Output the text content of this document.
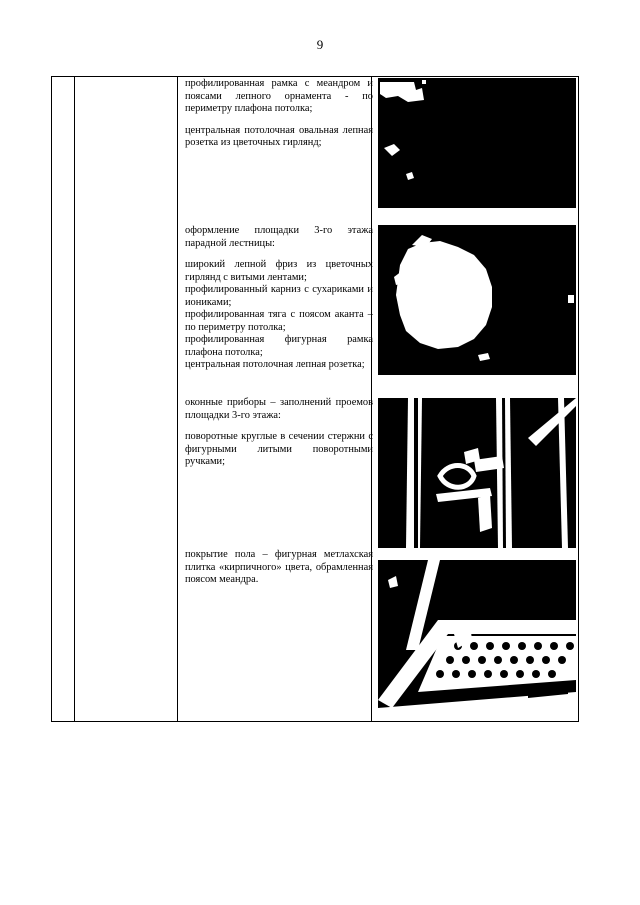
9

профилированная рамка с меандром и поясами лепного орнамента - по периметру плафона потолка;

центральная потолочная овальная лепная розетка из цветочных гирлянд;

оформление площадки 3-го этажа парадной лестницы:

широкий лепной фриз из цветочных гирлянд с витыми лентами;

профилированный карниз с сухариками и иониками;

профилированная тяга с поясом аканта – по периметру потолка;

профилированная фигурная рамка плафона потолка;

центральная потолочная лепная розетка;

оконные приборы – заполнений проемов площадки 3-го этажа:

поворотные круглые в сечении стержни с фигурными литыми поворотными ручками;

покрытие пола – фигурная метлахская плитка «кирпичного» цвета, обрамленная поясом меандра.
